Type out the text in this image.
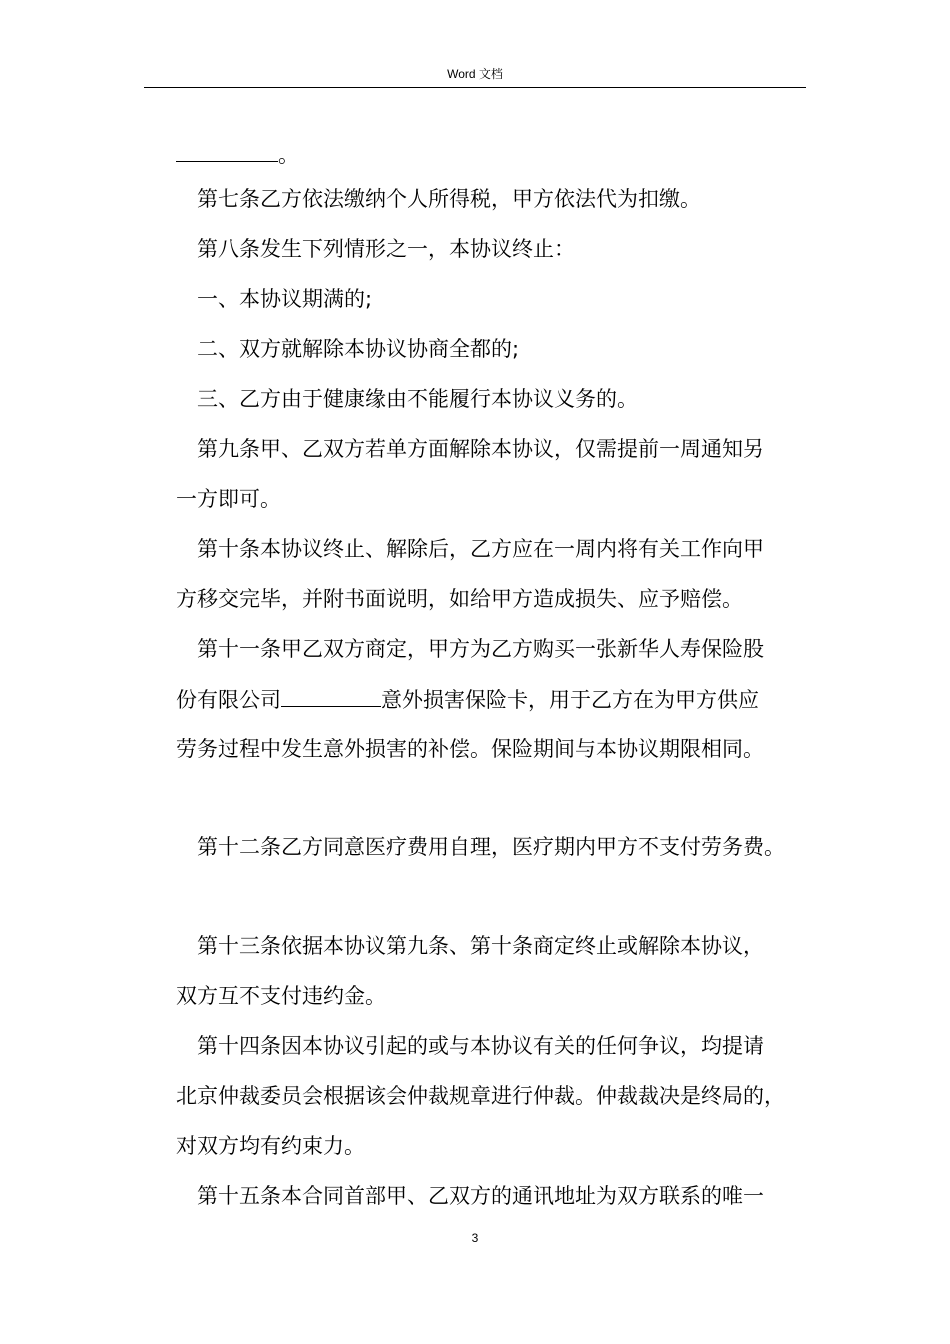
Word 文档
。
第七条乙方依法缴纳个人所得税，甲方依法代为扣缴。
第八条发生下列情形之一，本协议终止：
一、本协议期满的;
二、双方就解除本协议协商全都的;
三、乙方由于健康缘由不能履行本协议义务的。
第九条甲、乙双方若单方面解除本协议，仅需提前一周通知另
一方即可。
第十条本协议终止、解除后，乙方应在一周内将有关工作向甲
方移交完毕，并附书面说明，如给甲方造成损失、应予赔偿。
第十一条甲乙双方商定，甲方为乙方购买一张新华人寿保险股
份有限公司	意外损害保险卡，用于乙方在为甲方供应
劳务过程中发生意外损害的补偿。保险期间与本协议期限相同。
第十二条乙方同意医疗费用自理，医疗期内甲方不支付劳务费。
第十三条依据本协议第九条、第十条商定终止或解除本协议，
双方互不支付违约金。
第十四条因本协议引起的或与本协议有关的任何争议，均提请
北京仲裁委员会根据该会仲裁规章进行仲裁。仲裁裁决是终局的，
对双方均有约束力。
第十五条本合同首部甲、乙双方的通讯地址为双方联系的唯一
3
